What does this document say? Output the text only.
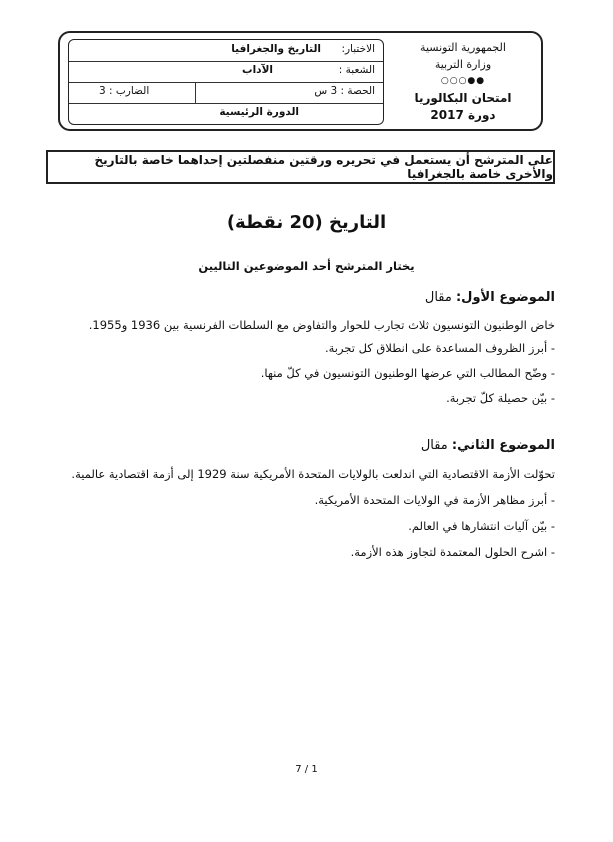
الجمهورية التونسية
وزارة التربية
●●○○○
امتحان البكالوريا
دورة 2017
الاختبار:
التاريخ والجغرافيا
الشعبة :
الآداب
الحصة : 3 س
الضارب : 3
الدورة الرئيسية
على المترشح أن يستعمل في تحريره ورقتين منفصلتين إحداهما خاصة بالتاريخ والأخرى خاصة بالجغرافيا
التاريخ (20 نقطة)
يختار المترشح أحد الموضوعين التاليين
الموضوع الأول: مقال
خاض الوطنيون التونسيون ثلاث تجارب للحوار والتفاوض مع السلطات الفرنسية بين 1936 و1955.
- أبرز الظروف المساعدة على انطلاق كل تجربة.
- وضّح المطالب التي عرضها الوطنيون التونسيون في كلّ منها.
- بيّن حصيلة كلّ تجربة.
الموضوع الثاني: مقال
تحوّلت الأزمة الاقتصادية التي اندلعت بالولايات المتحدة الأمريكية سنة 1929 إلى أزمة اقتصادية عالمية.
- أبرز مظاهر الأزمة في الولايات المتحدة الأمريكية.
- بيّن آليات انتشارها في العالم.
- اشرح الحلول المعتمدة لتجاوز هذه الأزمة.
7 / 1
